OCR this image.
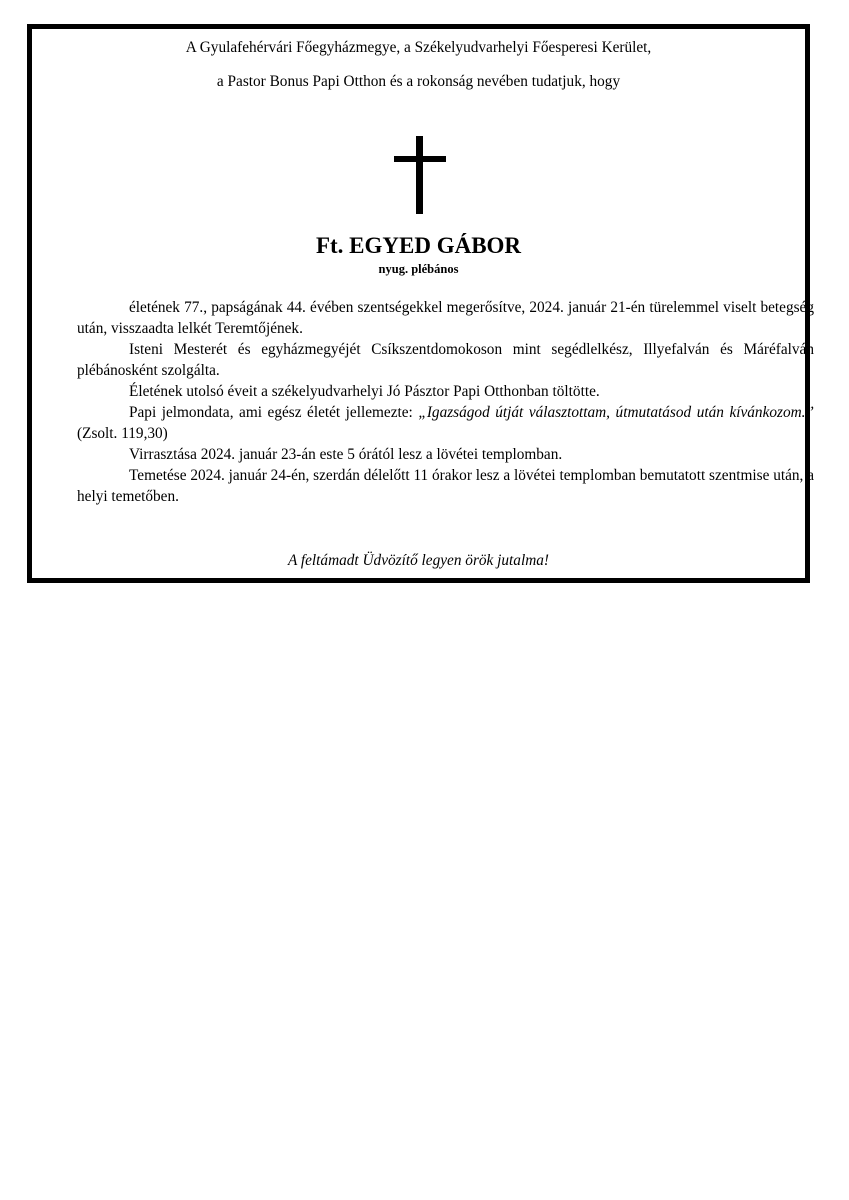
A Gyulafehérvári Főegyházmegye, a Székelyudvarhelyi Főesperesi Kerület,
a Pastor Bonus Papi Otthon és a rokonság nevében tudatjuk, hogy
Ft. EGYED GÁBOR
nyug. plébános

életének 77., papságának 44. évében szentségekkel megerősítve, 2024. január 21-én türelemmel viselt betegség után, visszaadta lelkét Teremtőjének.

Isteni Mesterét és egyházmegyéjét Csíkszentdomokoson mint segédlelkész, Illyefalván és Máréfalván plébánosként szolgálta.

Életének utolsó éveit a székelyudvarhelyi Jó Pásztor Papi Otthonban töltötte.

Papi jelmondata, ami egész életét jellemezte: „Igazságod útját választottam, útmutatásod után kívánkozom.” (Zsolt. 119,30)

Virrasztása 2024. január 23-án este 5 órától lesz a lövétei templomban.

Temetése 2024. január 24-én, szerdán délelőtt 11 órakor lesz a lövétei templomban bemutatott szentmise után, a helyi temetőben.

A feltámadt Üdvözítő legyen örök jutalma!
